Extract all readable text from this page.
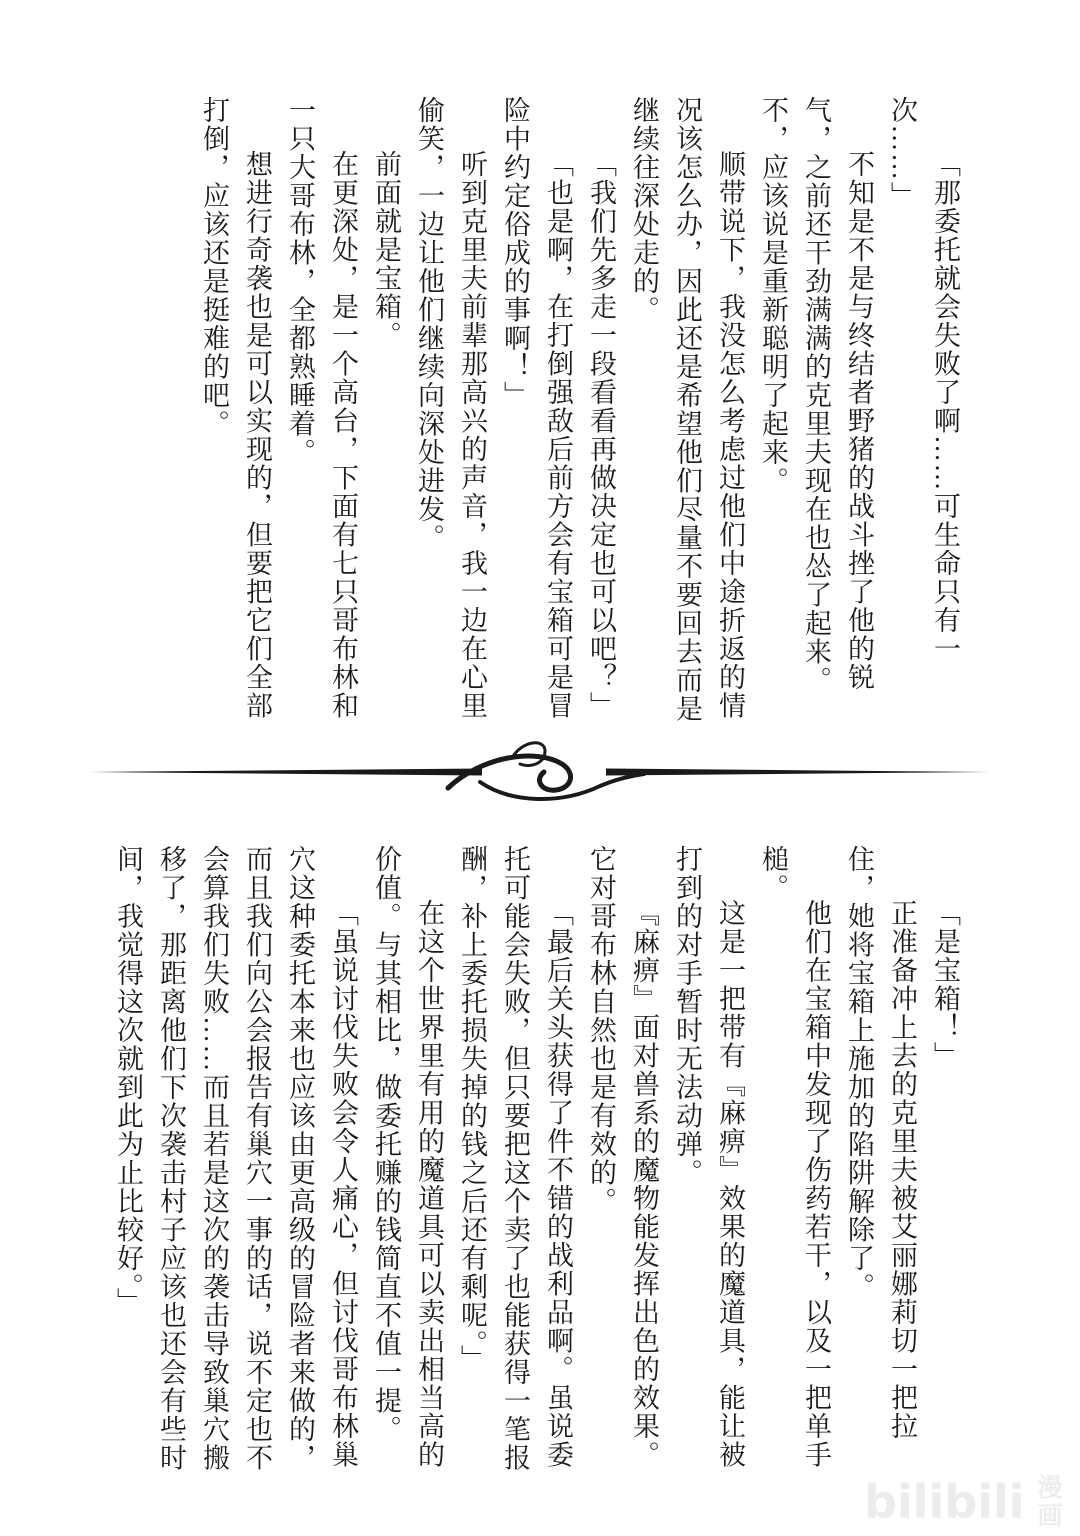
「那委托就会失败了啊……可生命只有一次……」

不知是不是与终结者野猪的战斗挫了他的锐气，之前还干劲满满的克里夫现在也怂了起来。不，应该说是重新聪明了起来。

顺带说下，我没怎么考虑过他们中途折返的情况该怎么办，因此还是希望他们尽量不要回去而是继续往深处走的。

「我们先多走一段看看再做决定也可以吧？」

「也是啊，在打倒强敌后前方会有宝箱可是冒险中约定俗成的事啊！」

听到克里夫前辈那高兴的声音，我一边在心里偷笑，一边让他们继续向深处进发。

前面就是宝箱。

在更深处，是一个高台，下面有七只哥布林和一只大哥布林，全都熟睡着。

想进行奇袭也是可以实现的，但要把它们全部打倒，应该还是挺难的吧。

「是宝箱！」

正准备冲上去的克里夫被艾丽娜莉切一把拉住，她将宝箱上施加的陷阱解除了。

他们在宝箱中发现了伤药若干，以及一把单手槌。

这是一把带有『麻痹』效果的魔道具，能让被打到的对手暂时无法动弹。

『麻痹』面对兽系的魔物能发挥出色的效果。它对哥布林自然也是有效的。

「最后关头获得了件不错的战利品啊。虽说委托可能会失败，但只要把这个卖了也能获得一笔报酬，补上委托损失掉的钱之后还有剩呢。」

在这个世界里有用的魔道具可以卖出相当高的价值。与其相比，做委托赚的钱简直不值一提。

「虽说讨伐失败会令人痛心，但讨伐哥布林巢穴这种委托本来也应该由更高级的冒险者来做的，而且我们向公会报告有巢穴一事的话，说不定也不会算我们失败……而且若是这次的袭击导致巢穴搬移了，那距离他们下次袭击村子应该也还会有些时间，我觉得这次就到此为止比较好。」

bilibili 漫画
